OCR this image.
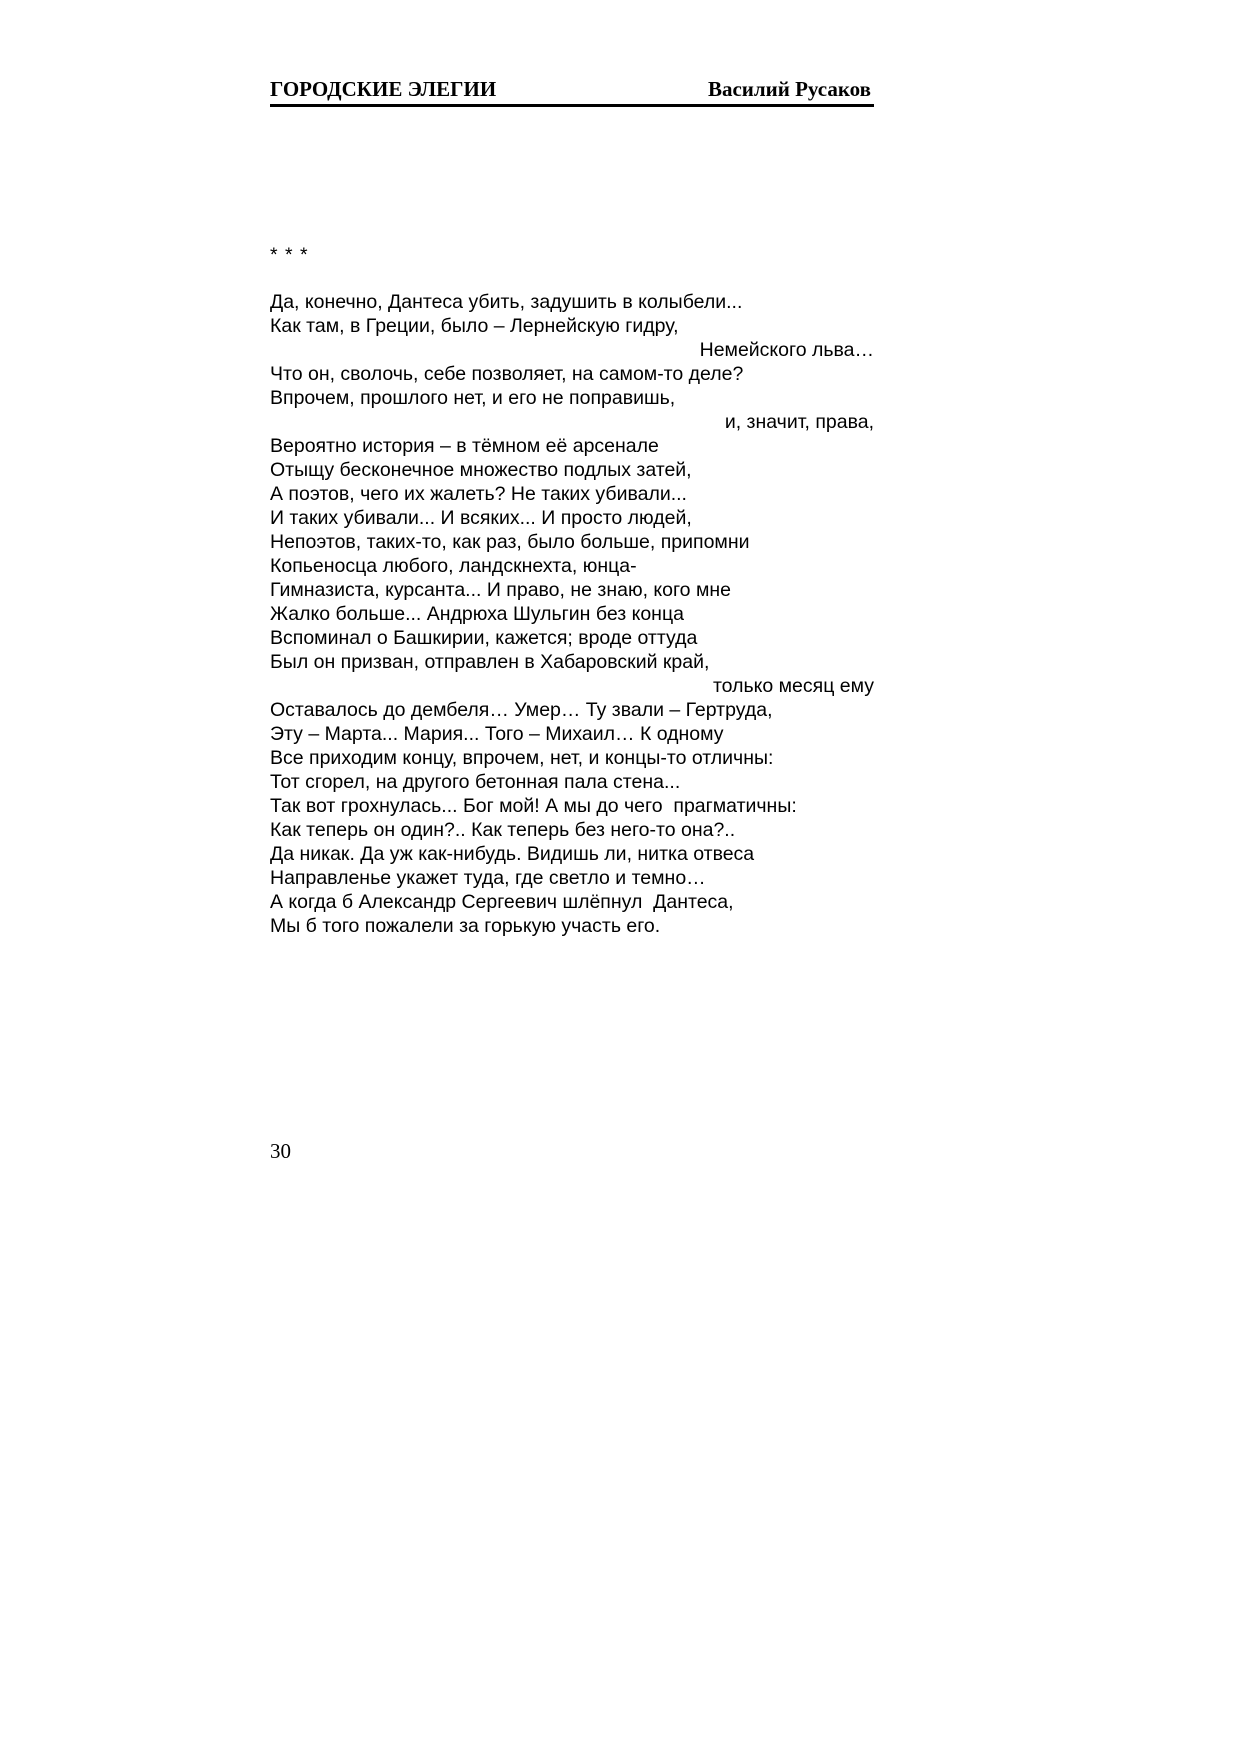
ГОРОДСКИЕ ЭЛЕГИИ	Василий Русаков
* * *
Да, конечно, Дантеса убить, задушить в колыбели...
Как там, в Греции, было – Лернейскую гидру,
Немейского льва…
Что он, сволочь, себе позволяет, на самом-то деле?
Впрочем, прошлого нет, и его не поправишь,
и, значит, права,
Вероятно история – в тёмном её арсенале
Отыщу бесконечное множество подлых затей,
А поэтов, чего их жалеть? Не таких убивали...
И таких убивали... И всяких... И просто людей,
Непоэтов, таких-то, как раз, было больше, припомни
Копьеносца любого, ландскнехта, юнца-
Гимназиста, курсанта... И право, не знаю, кого мне
Жалко больше... Андрюха Шульгин без конца
Вспоминал о Башкирии, кажется; вроде оттуда
Был он призван, отправлен в Хабаровский край,
только месяц ему
Оставалось до дембеля… Умер… Ту звали – Гертруда,
Эту – Марта... Мария... Того – Михаил… К одному
Все приходим концу, впрочем, нет, и концы-то отличны:
Тот сгорел, на другого бетонная пала стена...
Так вот грохнулась... Бог мой! А мы до чего  прагматичны:
Как теперь он один?.. Как теперь без него-то она?..
Да никак. Да уж как-нибудь. Видишь ли, нитка отвеса
Направленье укажет туда, где светло и темно…
А когда б Александр Сергеевич шлёпнул  Дантеса,
Мы б того пожалели за горькую участь его.
30
